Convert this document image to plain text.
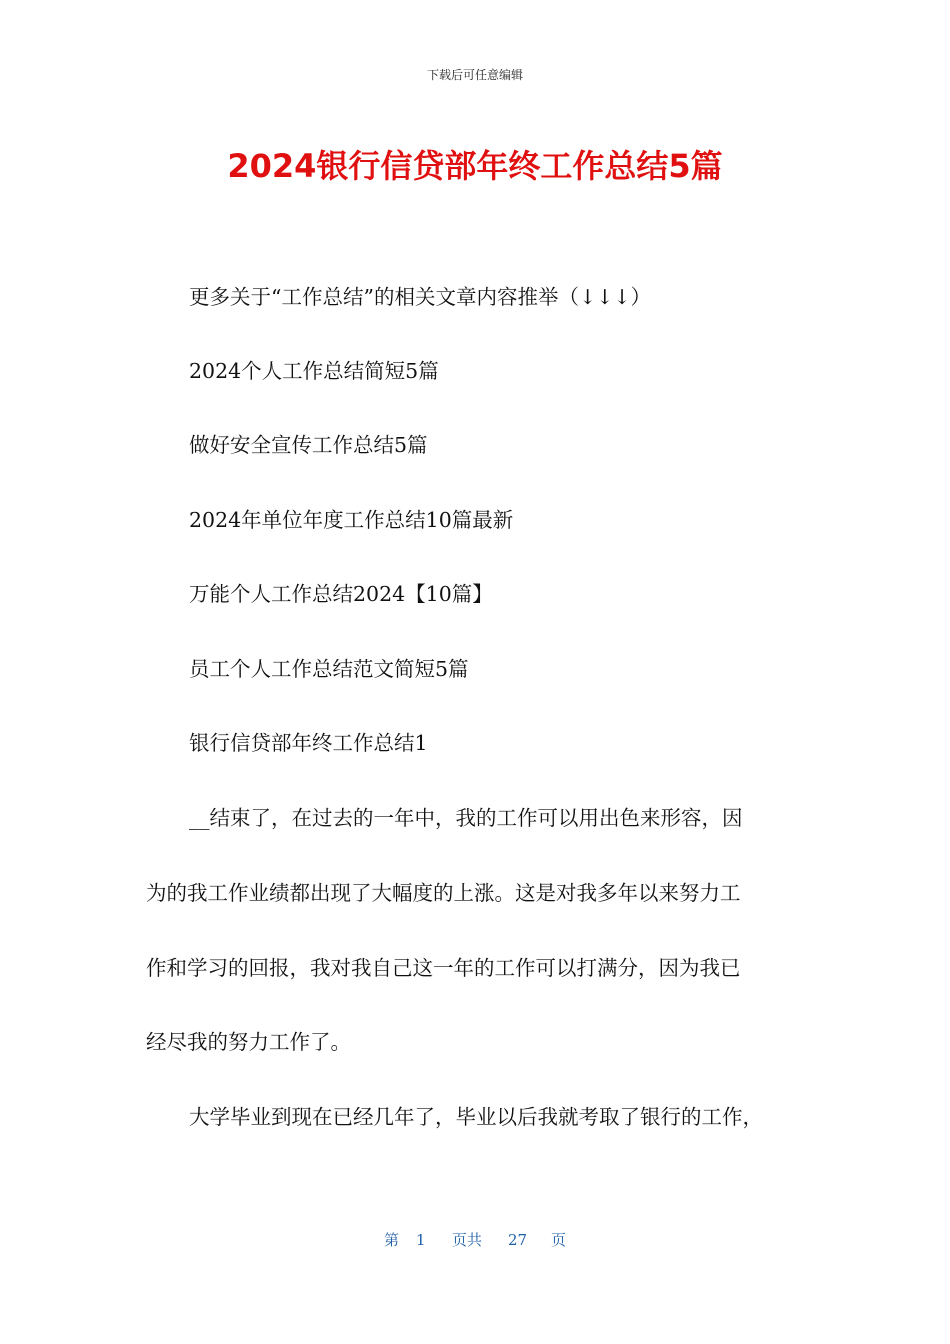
下载后可任意编辑
2024银行信贷部年终工作总结5篇
更多关于“工作总结”的相关文章内容推举（↓↓↓）
2024个人工作总结简短5篇
做好安全宣传工作总结5篇
2024年单位年度工作总结10篇最新
万能个人工作总结2024【10篇】
员工个人工作总结范文简短5篇
银行信贷部年终工作总结1
__结束了，在过去的一年中，我的工作可以用出色来形容，因
为的我工作业绩都出现了大幅度的上涨。这是对我多年以来努力工
作和学习的回报，我对我自己这一年的工作可以打满分，因为我已
经尽我的努力工作了。
大学毕业到现在已经几年了，毕业以后我就考取了银行的工作，
第 1 页共 27 页
